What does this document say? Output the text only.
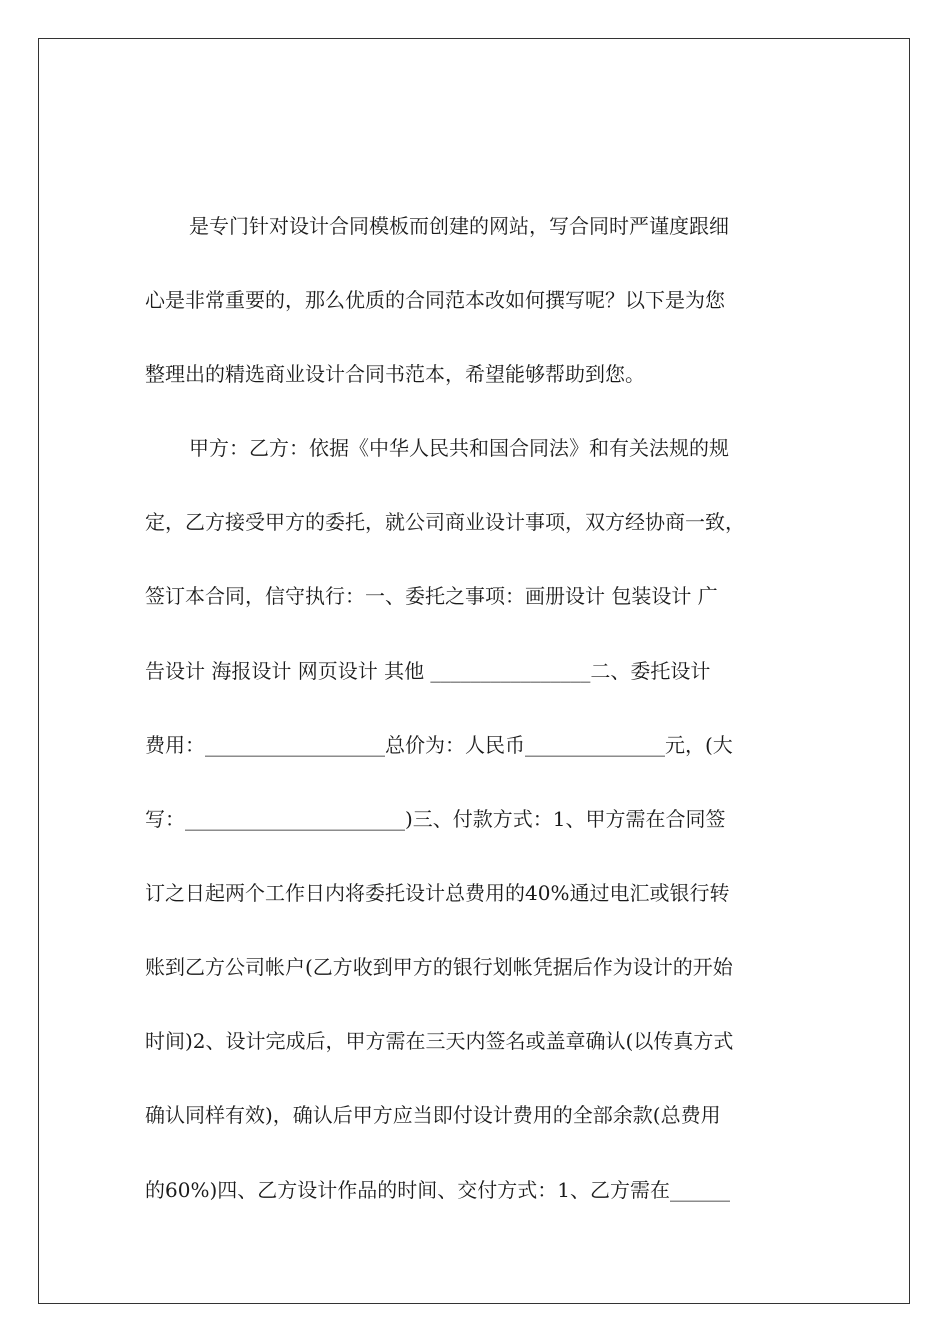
是专门针对设计合同模板而创建的网站，写合同时严谨度跟细
心是非常重要的，那么优质的合同范本改如何撰写呢？以下是为您
整理出的精选商业设计合同书范本，希望能够帮助到您。
甲方：乙方：依据《中华人民共和国合同法》和有关法规的规
定，乙方接受甲方的委托，就公司商业设计事项，双方经协商一致，
签订本合同，信守执行：一、委托之事项：画册设计 包装设计 广
告设计 海报设计 网页设计 其他 ________________二、委托设计
费用：__________________总价为：人民币______________元，(大
写：______________________)三、付款方式：1、甲方需在合同签
订之日起两个工作日内将委托设计总费用的40%通过电汇或银行转
账到乙方公司帐户(乙方收到甲方的银行划帐凭据后作为设计的开始
时间)2、设计完成后，甲方需在三天内签名或盖章确认(以传真方式
确认同样有效)，确认后甲方应当即付设计费用的全部余款(总费用
的60%)四、乙方设计作品的时间、交付方式：1、乙方需在______
